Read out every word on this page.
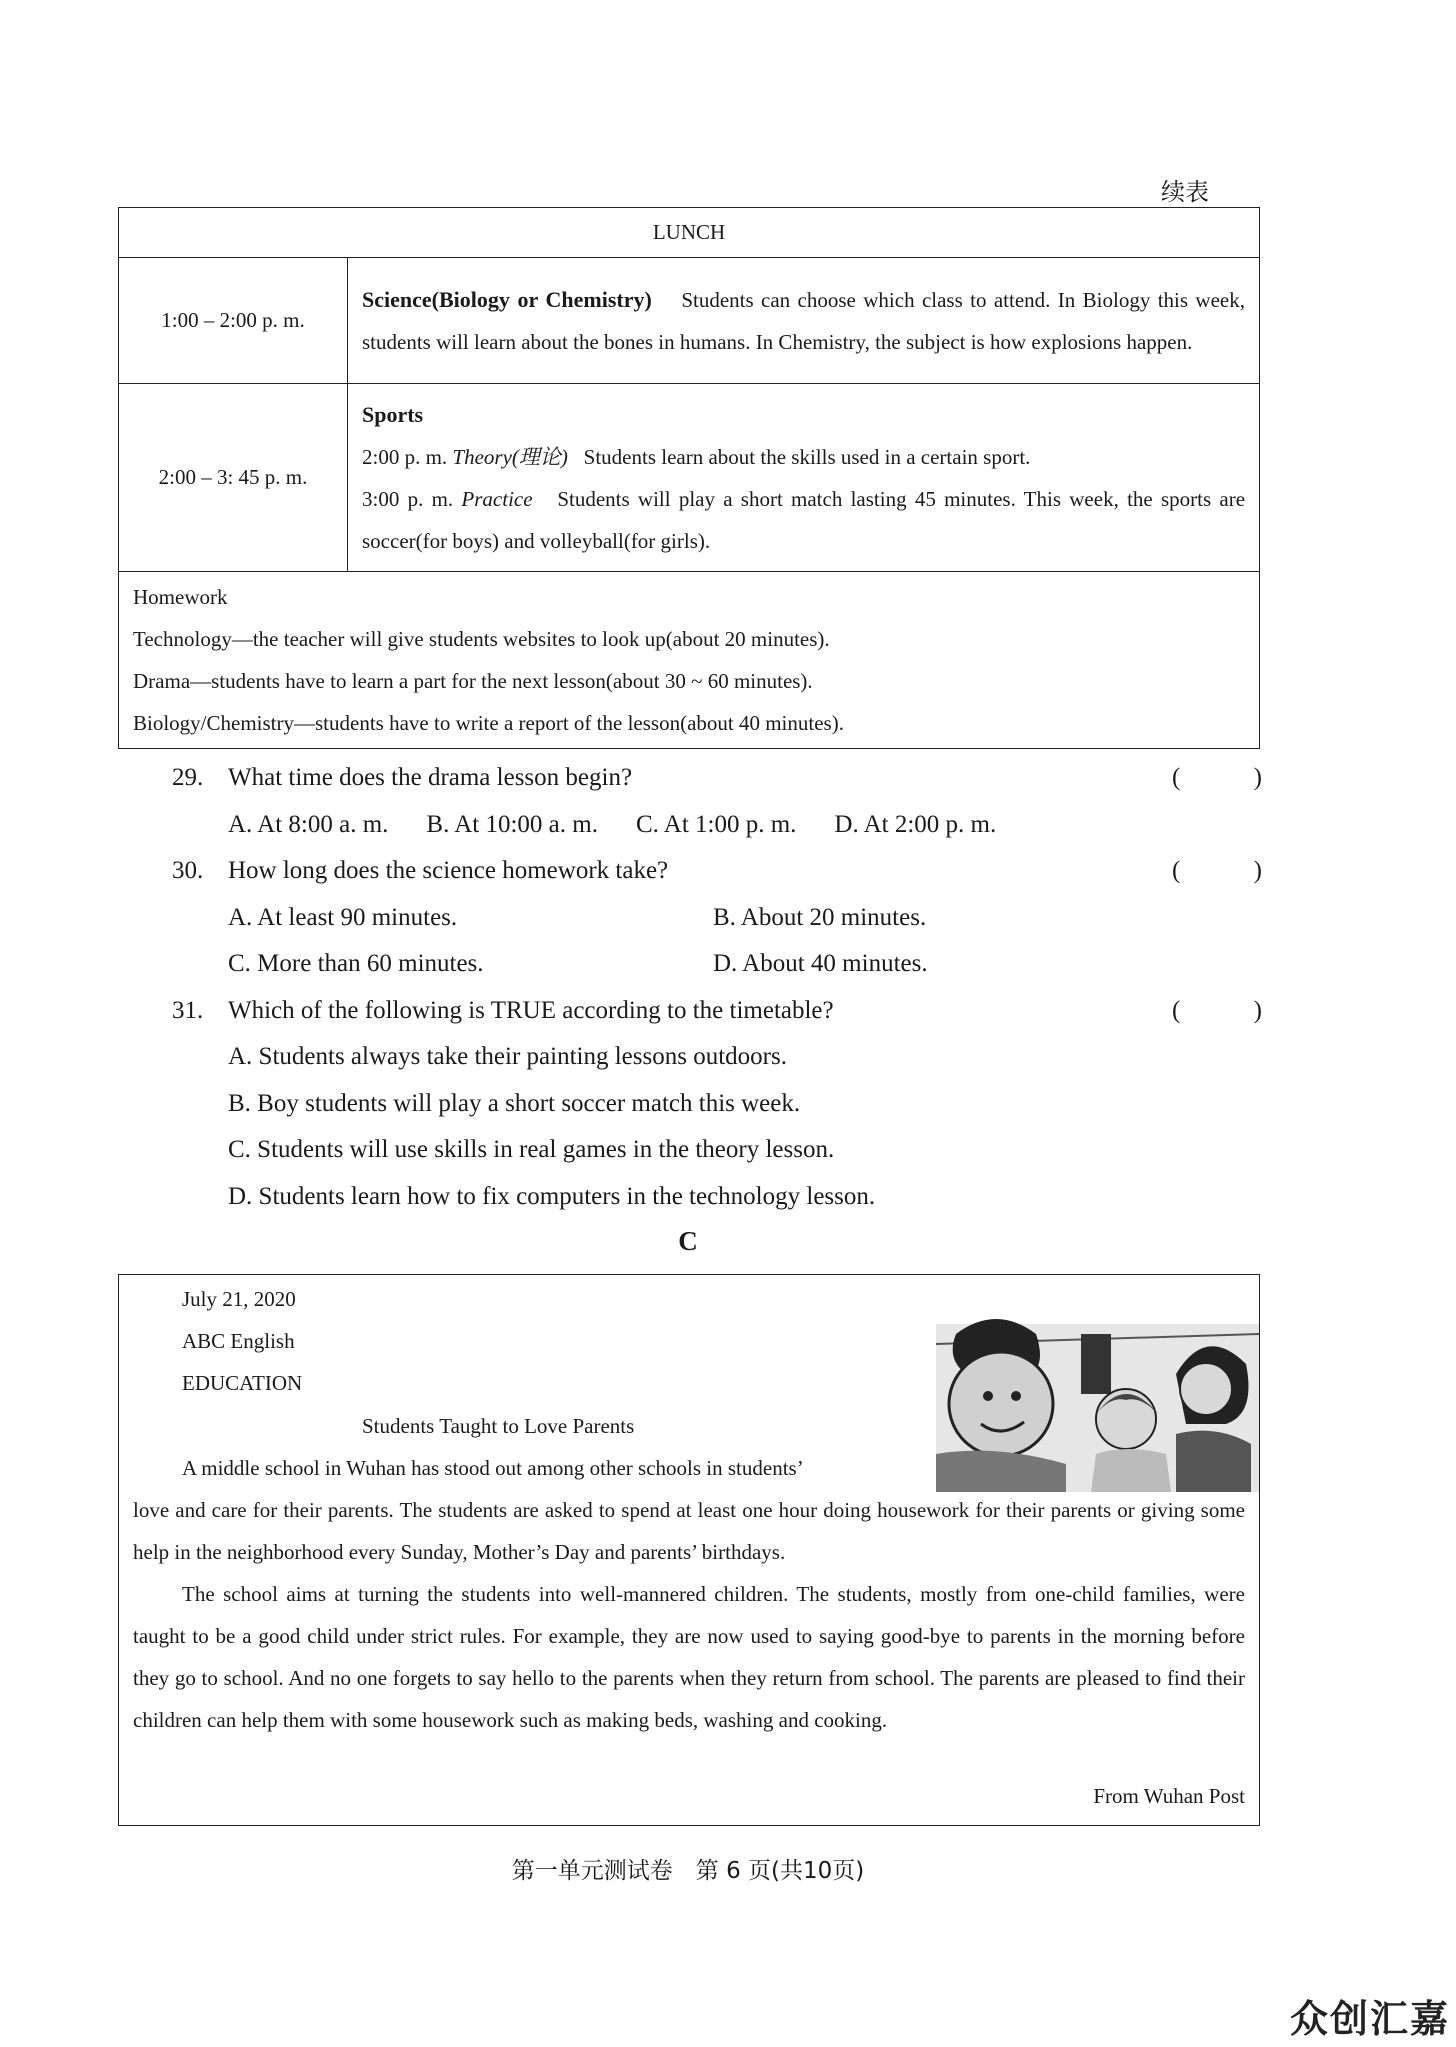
续表
LUNCH	
1:00 – 2:00 p. m.	Science(Biology or Chemistry) Students can choose which class to attend. In Biology this week, students will learn about the bones in humans. In Chemistry, the subject is how explosions happen.
2:00 – 3: 45 p. m.	Sports
2:00 p. m. Theory(理论) Students learn about the skills used in a certain sport.
3:00 p. m. Practice Students will play a short match lasting 45 minutes. This week, the sports are soccer(for boys) and volleyball(for girls).

Homework
Technology—the teacher will give students websites to look up(about 20 minutes).
Drama—students have to learn a part for the next lesson(about 30 ~ 60 minutes).
Biology/Chemistry—students have to write a report of the lesson(about 40 minutes).	
29. What time does the drama lesson begin?	(	)
A. At 8:00 a. m. B. At 10:00 a. m. C. At 1:00 p. m. D. At 2:00 p. m.
30. How long does the science homework take?	(	)
A. At least 90 minutes.	B. About 20 minutes.
C. More than 60 minutes.	D. About 40 minutes.
31. Which of the following is TRUE according to the timetable?	(	)
A. Students always take their painting lessons outdoors.
B. Boy students will play a short soccer match this week.
C. Students will use skills in real games in the theory lesson.
D. Students learn how to fix computers in the technology lesson.
C
July 21, 2020
ABC English
EDUCATION
Students Taught to Love Parents
A middle school in Wuhan has stood out among other schools in students’
love and care for their parents. The students are asked to spend at least one hour doing housework for their parents or giving some help in the neighborhood every Sunday, Mother’s Day and parents’ birthdays.
The school aims at turning the students into well-mannered children. The students, mostly from one-child families, were taught to be a good child under strict rules. For example, they are now used to saying good-bye to parents in the morning before they go to school. And no one forgets to say hello to the parents when they return from school. The parents are pleased to find their children can help them with some housework such as making beds, washing and cooking.
From Wuhan Post
第一单元测试卷　第 6 页(共10页)
众创汇嘉
